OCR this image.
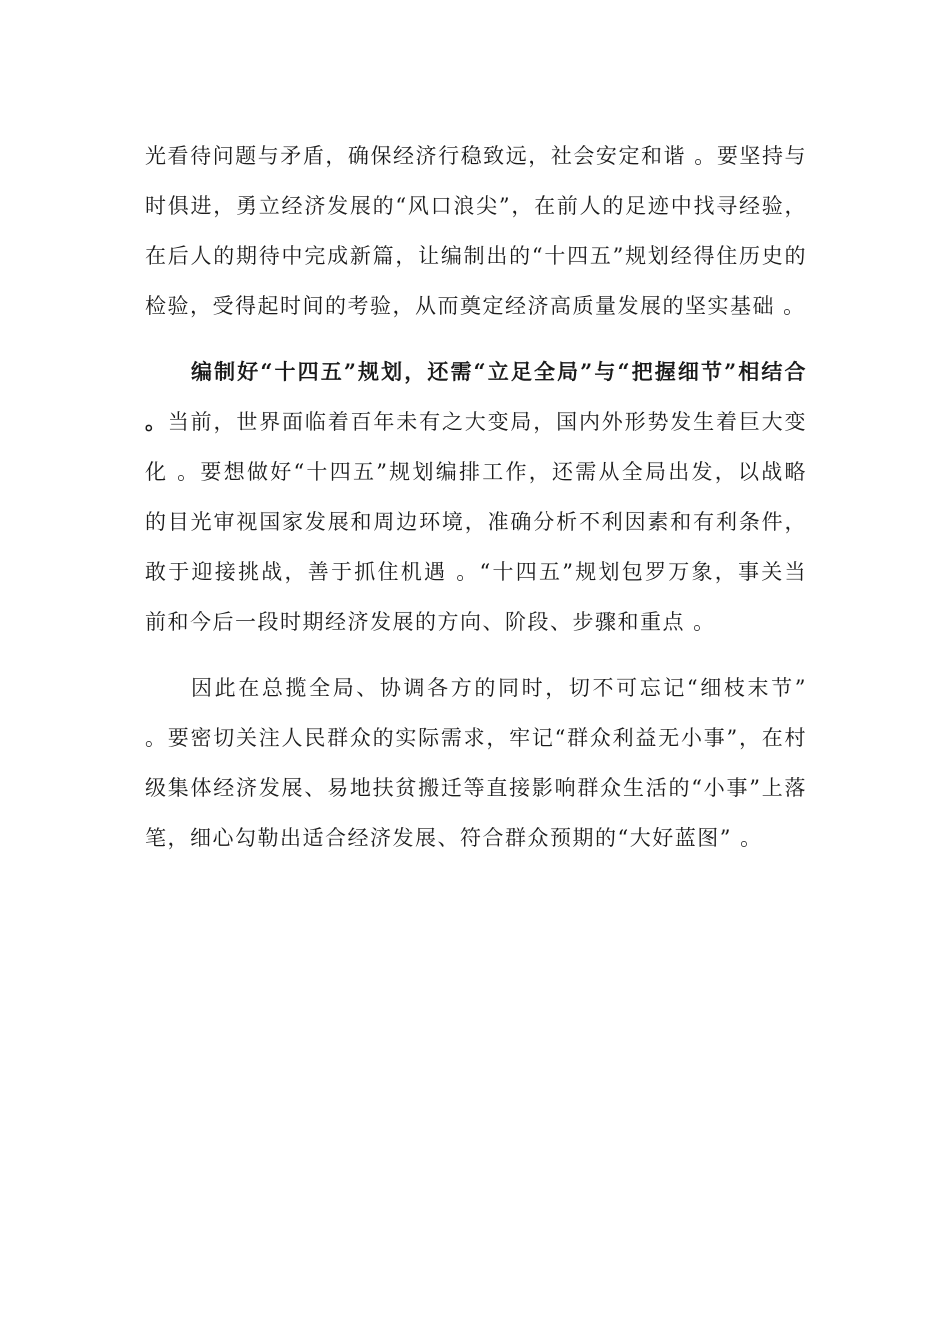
光看待问题与矛盾，确保经济行稳致远，社会安定和谐 。要坚持与时俱进，勇立经济发展的“风口浪尖”，在前人的足迹中找寻经验，在后人的期待中完成新篇，让编制出的“十四五”规划经得住历史的检验，受得起时间的考验，从而奠定经济高质量发展的坚实基础 。

编制好“十四五”规划，还需“立足全局”与“把握细节”相结合 。当前，世界面临着百年未有之大变局，国内外形势发生着巨大变化 。要想做好“十四五”规划编排工作，还需从全局出发，以战略的目光审视国家发展和周边环境，准确分析不利因素和有利条件，敢于迎接挑战，善于抓住机遇 。“十四五”规划包罗万象，事关当前和今后一段时期经济发展的方向、阶段、步骤和重点 。

因此在总揽全局、协调各方的同时，切不可忘记“细枝末节” 。要密切关注人民群众的实际需求，牢记“群众利益无小事”，在村级集体经济发展、易地扶贫搬迁等直接影响群众生活的“小事”上落笔，细心勾勒出适合经济发展、符合群众预期的“大好蓝图” 。
